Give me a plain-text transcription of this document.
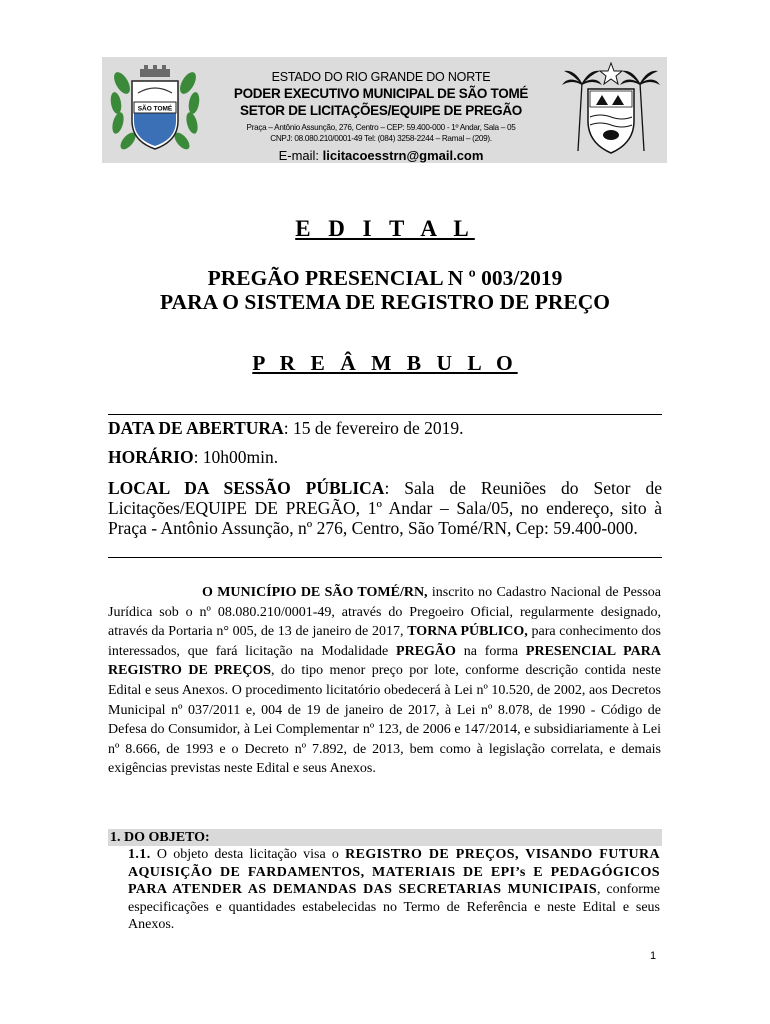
SÃO TOMÉ
ESTADO DO RIO GRANDE DO NORTE
PODER EXECUTIVO MUNICIPAL DE SÃO TOMÉ
SETOR DE LICITAÇÕES/EQUIPE DE PREGÃO
Praça – Antônio Assunção, 276, Centro – CEP: 59.400-000 - 1º Andar, Sala – 05
CNPJ: 08.080.210/0001-49 Tel: (084) 3258-2244 – Ramal – (209).
E-mail: licitacoesstrn@gmail.com
E D I T A L
PREGÃO PRESENCIAL N º 003/2019
PARA O SISTEMA DE REGISTRO DE PREÇO
P R E Â M B U L O
DATA DE ABERTURA: 15 de fevereiro de 2019.
HORÁRIO: 10h00min.
LOCAL DA SESSÃO PÚBLICA: Sala de Reuniões do Setor de Licitações/EQUIPE DE PREGÃO, 1º Andar – Sala/05, no endereço, sito à Praça - Antônio Assunção, nº 276, Centro, São Tomé/RN, Cep: 59.400-000.
O MUNICÍPIO DE SÃO TOMÉ/RN, inscrito no Cadastro Nacional de Pessoa Jurídica sob o nº 08.080.210/0001-49, através do Pregoeiro Oficial, regularmente designado, através da Portaria n° 005, de 13 de janeiro de 2017, TORNA PÚBLICO, para conhecimento dos interessados, que fará licitação na Modalidade PREGÃO na forma PRESENCIAL PARA REGISTRO DE PREÇOS, do tipo menor preço por lote, conforme descrição contida neste Edital e seus Anexos. O procedimento licitatório obedecerá à Lei nº 10.520, de 2002, aos Decretos Municipal nº 037/2011 e, 004 de 19 de janeiro de 2017, à Lei nº 8.078, de 1990 - Código de Defesa do Consumidor, à Lei Complementar nº 123, de 2006 e 147/2014, e subsidiariamente à Lei nº 8.666, de 1993 e o Decreto nº 7.892, de 2013, bem como à legislação correlata, e demais exigências previstas neste Edital e seus Anexos.
1. DO OBJETO:
1.1. O objeto desta licitação visa o REGISTRO DE PREÇOS, VISANDO FUTURA AQUISIÇÃO DE FARDAMENTOS, MATERIAIS DE EPI’s E PEDAGÓGICOS PARA ATENDER AS DEMANDAS DAS SECRETARIAS MUNICIPAIS, conforme especificações e quantidades estabelecidas no Termo de Referência e neste Edital e seus Anexos.
1
